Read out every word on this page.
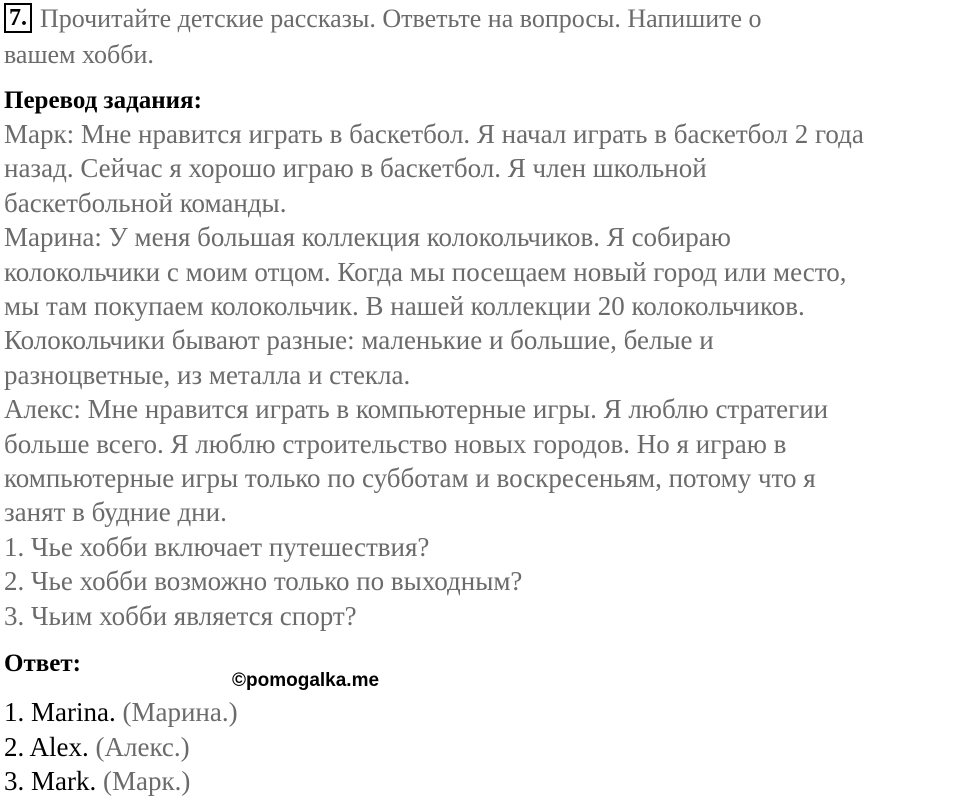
7. Прочитайте детские рассказы. Ответьте на вопросы. Напишите о
вашем хобби.
Перевод задания:
Марк: Мне нравится играть в баскетбол. Я начал играть в баскетбол 2 года
назад. Сейчас я хорошо играю в баскетбол. Я член школьной
баскетбольной команды.
Марина: У меня большая коллекция колокольчиков. Я собираю
колокольчики с моим отцом. Когда мы посещаем новый город или место,
мы там покупаем колокольчик. В нашей коллекции 20 колокольчиков.
Колокольчики бывают разные: маленькие и большие, белые и
разноцветные, из металла и стекла.
Алекс: Мне нравится играть в компьютерные игры. Я люблю стратегии
больше всего. Я люблю строительство новых городов. Но я играю в
компьютерные игры только по субботам и воскресеньям, потому что я
занят в будние дни.
1. Чье хобби включает путешествия?
2. Чье хобби возможно только по выходным?
3. Чьим хобби является спорт?
Ответ:
©pomogalka.me
1. Marina. (Марина.)
2. Alex. (Алекс.)
3. Mark. (Марк.)
